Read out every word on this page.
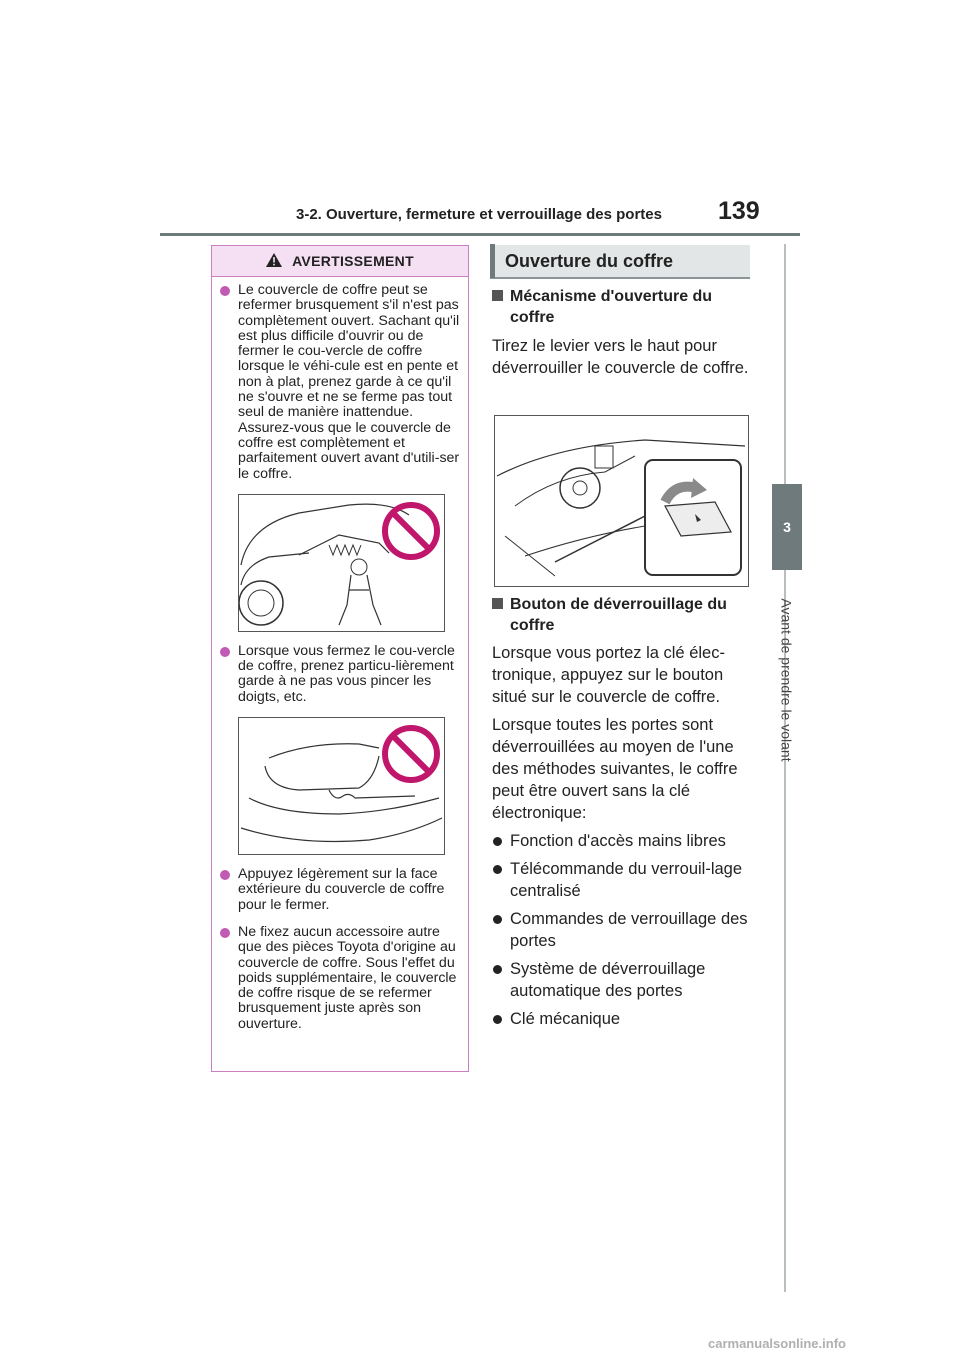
3-2. Ouverture, fermeture et verrouillage des portes 139
3
Avant de prendre le volant
AVERTISSEMENT
Le couvercle de coffre peut se refermer brusquement s'il n'est pas complètement ouvert. Sachant qu'il est plus difficile d'ouvrir ou de fermer le cou-vercle de coffre lorsque le véhi-cule est en pente et non à plat, prenez garde à ce qu'il ne s'ouvre et ne se ferme pas tout seul de manière inattendue. Assurez-vous que le couvercle de coffre est complètement et parfaitement ouvert avant d'utili-ser le coffre.
Lorsque vous fermez le cou-vercle de coffre, prenez particu-lièrement garde à ne pas vous pincer les doigts, etc.
Appuyez légèrement sur la face extérieure du couvercle de coffre pour le fermer.
Ne fixez aucun accessoire autre que des pièces Toyota d'origine au couvercle de coffre. Sous l'effet du poids supplémentaire, le couvercle de coffre risque de se refermer brusquement juste après son ouverture.
Ouverture du coffre
Mécanisme d'ouverture du coffre
Tirez le levier vers le haut pour déverrouiller le couvercle de coffre.
Bouton de déverrouillage du coffre
Lorsque vous portez la clé élec-tronique, appuyez sur le bouton situé sur le couvercle de coffre.
Lorsque toutes les portes sont déverrouillées au moyen de l'une des méthodes suivantes, le coffre peut être ouvert sans la clé électronique:
Fonction d'accès mains libres
Télécommande du verrouil-lage centralisé
Commandes de verrouillage des portes
Système de déverrouillage automatique des portes
Clé mécanique
carmanualsonline.info
